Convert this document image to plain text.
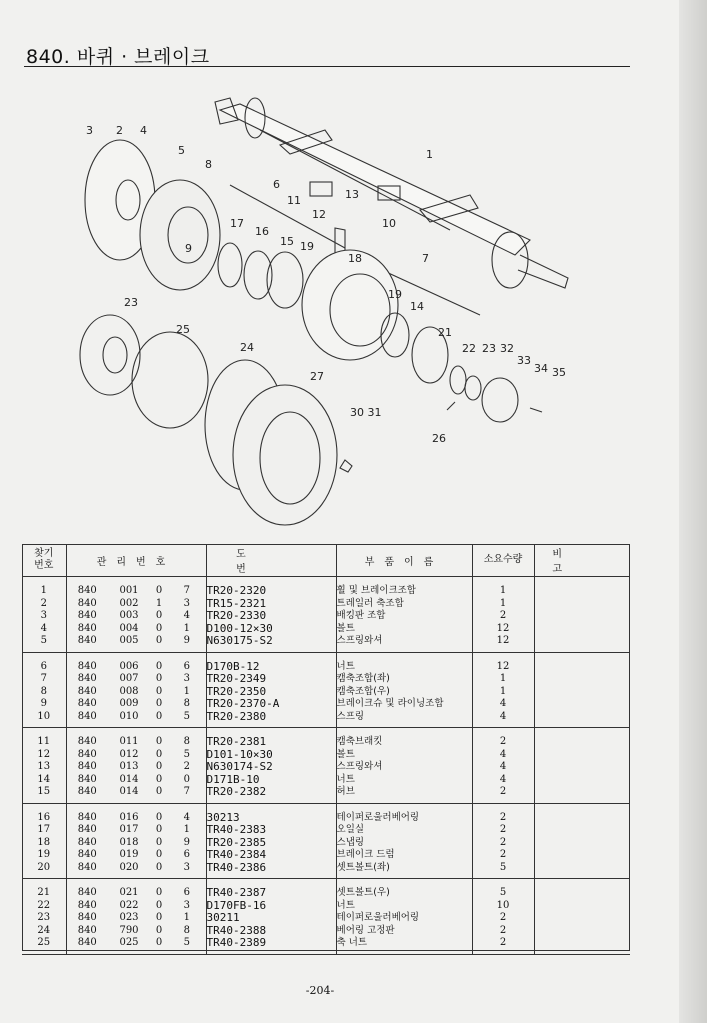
840. 바퀴 · 브레이크
3 2 4
5
8
6
11	13
12
10
1
17
16
15 19
9
18	7
19
14
21
23
25
24	22 23 32
33
34 35
27
30 31
26
찾기
번호	관리번호				도번	부품이름	소요수량	비고
1	840	001	0	7	TR20-2320	휠 및 브레이크조합	1	
2	840	002	1	3	TR15-2321	트레일러 축조합	1	
3	840	003	0	4	TR20-2330	배킹판 조합	2	
4	840	004	0	1	D100-12×30	볼트	12	
5	840	005	0	9	N630175-S2	스프링와셔	12	
6	840	006	0	6	D170B-12	너트	12	
7	840	007	0	3	TR20-2349	캠축조합(좌)	1	
8	840	008	0	1	TR20-2350	캠축조합(우)	1	
9	840	009	0	8	TR20-2370-A	브레이크슈 및 라이닝조합	4	
10	840	010	0	5	TR20-2380	스프링	4	
11	840	011	0	8	TR20-2381	캠축브래킷	2	
12	840	012	0	5	D101-10×30	볼트	4	
13	840	013	0	2	N630174-S2	스프링와셔	4	
14	840	014	0	0	D171B-10	너트	4	
15	840	014	0	7	TR20-2382	허브	2	
16	840	016	0	4	30213	테이퍼로울러베어링	2	
17	840	017	0	1	TR40-2383	오일실	2	
18	840	018	0	9	TR20-2385	스냅링	2	
19	840	019	0	6	TR40-2384	브레이크 드럼	2	
20	840	020	0	3	TR40-2386	셋트볼트(좌)	5	
21	840	021	0	6	TR40-2387	셋트볼트(우)	5	
22	840	022	0	3	D170FB-16	너트	10	
23	840	023	0	1	30211	테이퍼로울러베어링	2	
24	840	790	0	8	TR40-2388	베어링 고정판	2	
25	840	025	0	5	TR40-2389	축 너트	2	
-204-
